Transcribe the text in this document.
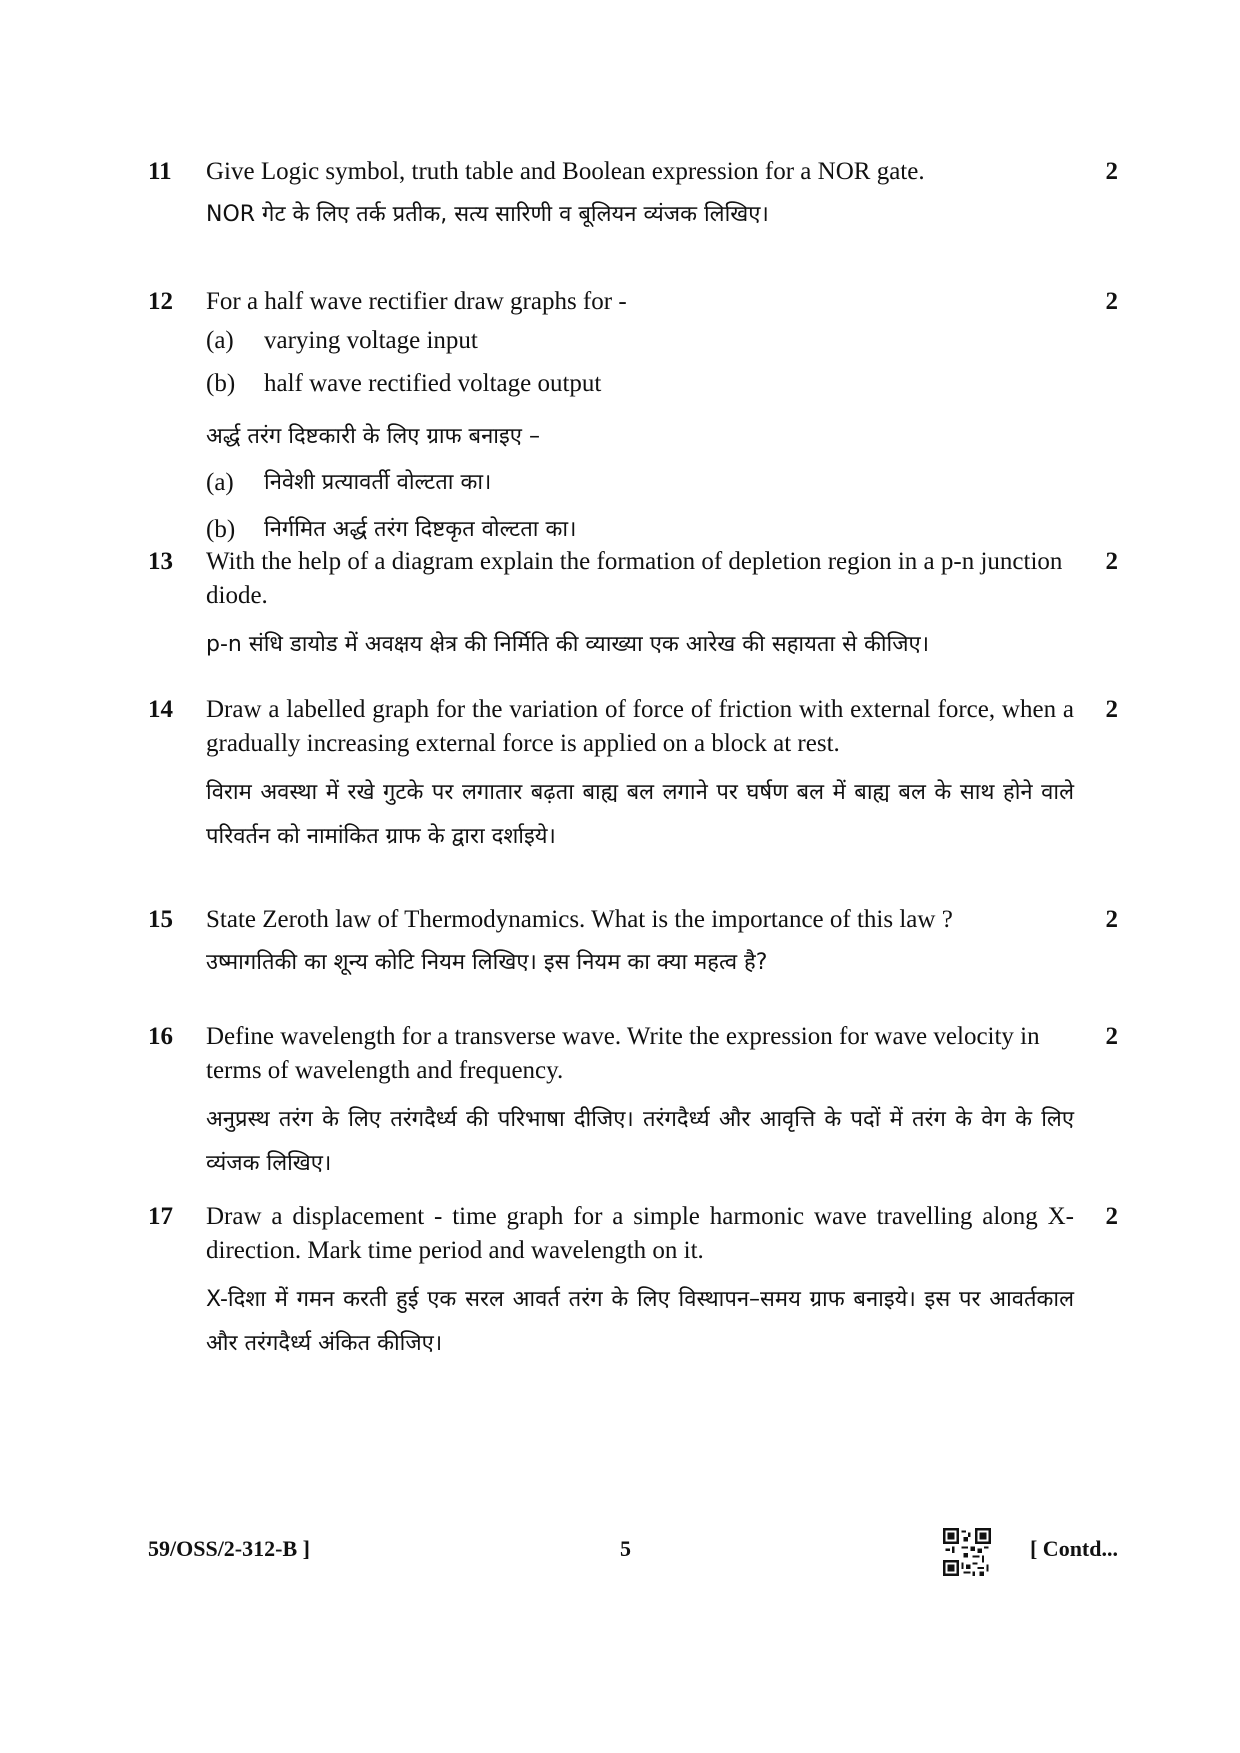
11	2

Give Logic symbol, truth table and Boolean expression for a NOR gate.

NOR गेट के लिए तर्क प्रतीक, सत्य सारिणी व बूलियन व्यंजक लिखिए।

12	2

For a half wave rectifier draw graphs for -

(a)	varying voltage input
(b)	half wave rectified voltage output

अर्द्ध तरंग दिष्टकारी के लिए ग्राफ बनाइए –

(a)	निवेशी प्रत्यावर्ती वोल्टता का।
(b)	निर्गमित अर्द्ध तरंग दिष्टकृत वोल्टता का।
13	2

With the help of a diagram explain the formation of depletion region in a p-n junction diode.

p-n संधि डायोड में अवक्षय क्षेत्र की निर्मिति की व्याख्या एक आरेख की सहायता से कीजिए।

14	2

Draw a labelled graph for the variation of force of friction with external force, when a gradually increasing external force is applied on a block at rest.

विराम अवस्था में रखे गुटके पर लगातार बढ़ता बाह्य बल लगाने पर घर्षण बल में बाह्य बल के साथ होने वाले परिवर्तन को नामांकित ग्राफ के द्वारा दर्शाइये।

15	2

State Zeroth law of Thermodynamics. What is the importance of this law ?

उष्मागतिकी का शून्य कोटि नियम लिखिए। इस नियम का क्या महत्व है?

16	2

Define wavelength for a transverse wave. Write the expression for wave velocity in terms of wavelength and frequency.

अनुप्रस्थ तरंग के लिए तरंगदैर्ध्य की परिभाषा दीजिए। तरंगदैर्ध्य और आवृत्ति के पदों में तरंग के वेग के लिए व्यंजक लिखिए।

17	2

Draw a displacement - time graph for a simple harmonic wave travelling along X-direction. Mark time period and wavelength on it.

X-दिशा में गमन करती हुई एक सरल आवर्त तरंग के लिए विस्थापन–समय ग्राफ बनाइये। इस पर आवर्तकाल और तरंगदैर्ध्य अंकित कीजिए।

59/OSS/2-312-B ]	5	[ Contd...
